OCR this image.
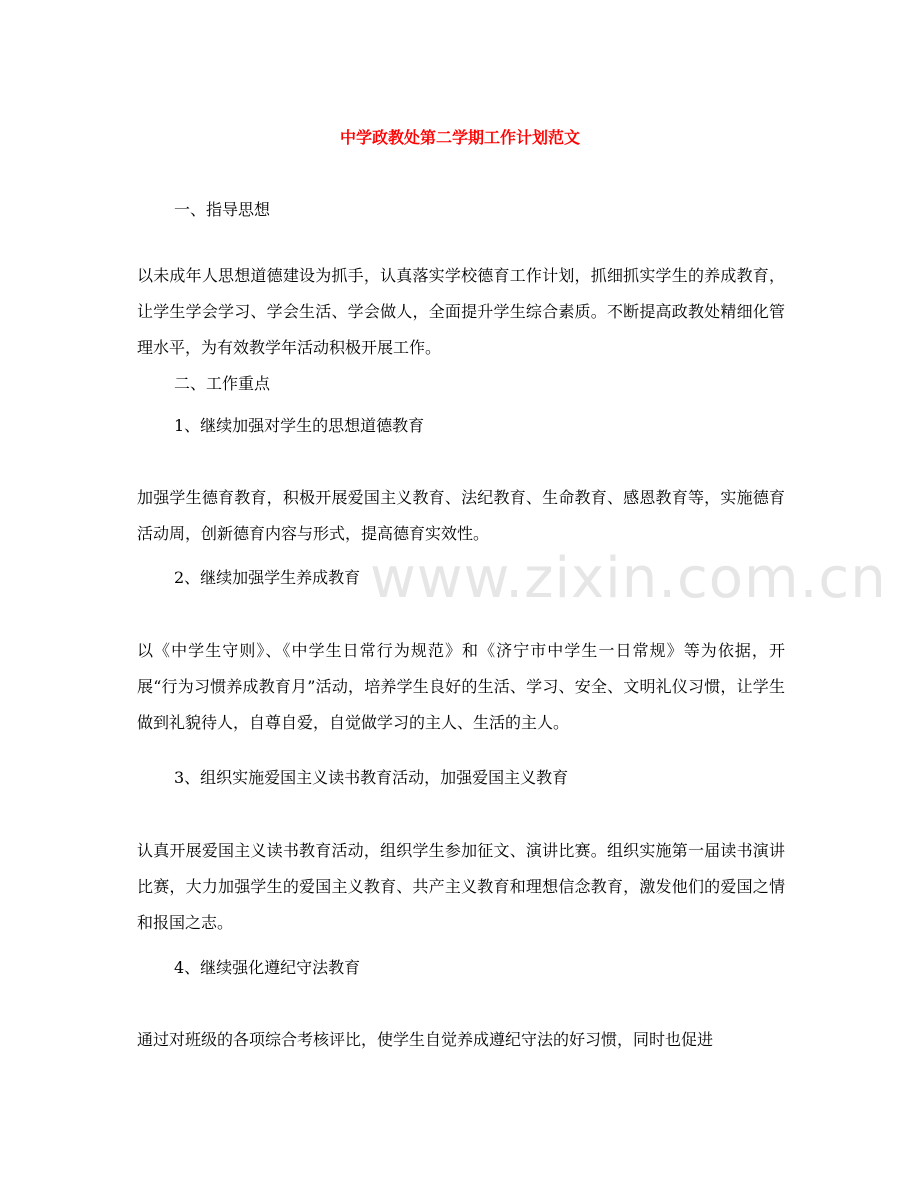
中学政教处第二学期工作计划范文
一、指导思想
以未成年人思想道德建设为抓手，认真落实学校德育工作计划，抓细抓实学生的养成教育，让学生学会学习、学会生活、学会做人，全面提升学生综合素质。不断提高政教处精细化管理水平，为有效教学年活动积极开展工作。
二、工作重点
1、继续加强对学生的思想道德教育
加强学生德育教育，积极开展爱国主义教育、法纪教育、生命教育、感恩教育等，实施德育活动周，创新德育内容与形式，提高德育实效性。
2、继续加强学生养成教育
以《中学生守则》、《中学生日常行为规范》和《济宁市中学生一日常规》等为依据，开展“行为习惯养成教育月”活动，培养学生良好的生活、学习、安全、文明礼仪习惯，让学生做到礼貌待人，自尊自爱，自觉做学习的主人、生活的主人。
3、组织实施爱国主义读书教育活动，加强爱国主义教育
认真开展爱国主义读书教育活动，组织学生参加征文、演讲比赛。组织实施第一届读书演讲比赛，大力加强学生的爱国主义教育、共产主义教育和理想信念教育，激发他们的爱国之情和报国之志。
4、继续强化遵纪守法教育
通过对班级的各项综合考核评比，使学生自觉养成遵纪守法的好习惯，同时也促进
www.zixin.com.cn
